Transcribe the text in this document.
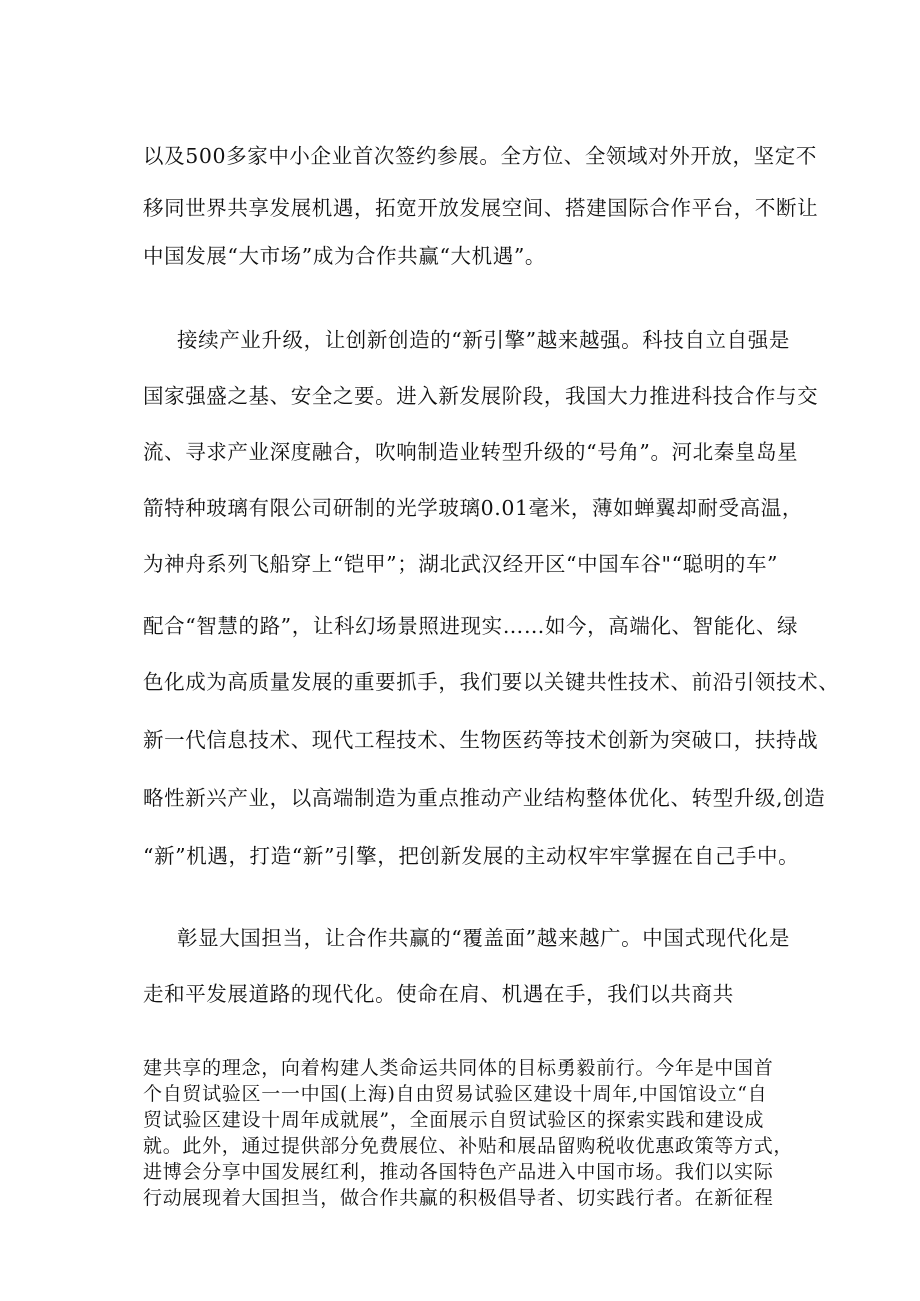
以及500多家中小企业首次签约参展。全方位、全领域对外开放，坚定不
移同世界共享发展机遇，拓宽开放发展空间、搭建国际合作平台，不断让
中国发展“大市场”成为合作共赢“大机遇”。
接续产业升级，让创新创造的“新引擎”越来越强。科技自立自强是
国家强盛之基、安全之要。进入新发展阶段，我国大力推进科技合作与交
流、寻求产业深度融合，吹响制造业转型升级的“号角”。河北秦皇岛星
箭特种玻璃有限公司研制的光学玻璃0.01毫米，薄如蝉翼却耐受高温，
为神舟系列飞船穿上“铠甲”；湖北武汉经开区“中国车谷"“聪明的车”
配合“智慧的路”，让科幻场景照进现实……如今，高端化、智能化、绿
色化成为高质量发展的重要抓手，我们要以关键共性技术、前沿引领技术、
新一代信息技术、现代工程技术、生物医药等技术创新为突破口，扶持战
略性新兴产业，以高端制造为重点推动产业结构整体优化、转型升级,创造
“新”机遇，打造“新”引擎，把创新发展的主动权牢牢掌握在自己手中。
彰显大国担当，让合作共赢的“覆盖面”越来越广。中国式现代化是
走和平发展道路的现代化。使命在肩、机遇在手，我们以共商共
建共享的理念，向着构建人类命运共同体的目标勇毅前行。今年是中国首
个自贸试验区一一中国(上海)自由贸易试验区建设十周年,中国馆设立“自
贸试验区建设十周年成就展”，全面展示自贸试验区的探索实践和建设成
就。此外，通过提供部分免费展位、补贴和展品留购税收优惠政策等方式，
进博会分享中国发展红利，推动各国特色产品进入中国市场。我们以实际
行动展现着大国担当，做合作共赢的积极倡导者、切实践行者。在新征程
